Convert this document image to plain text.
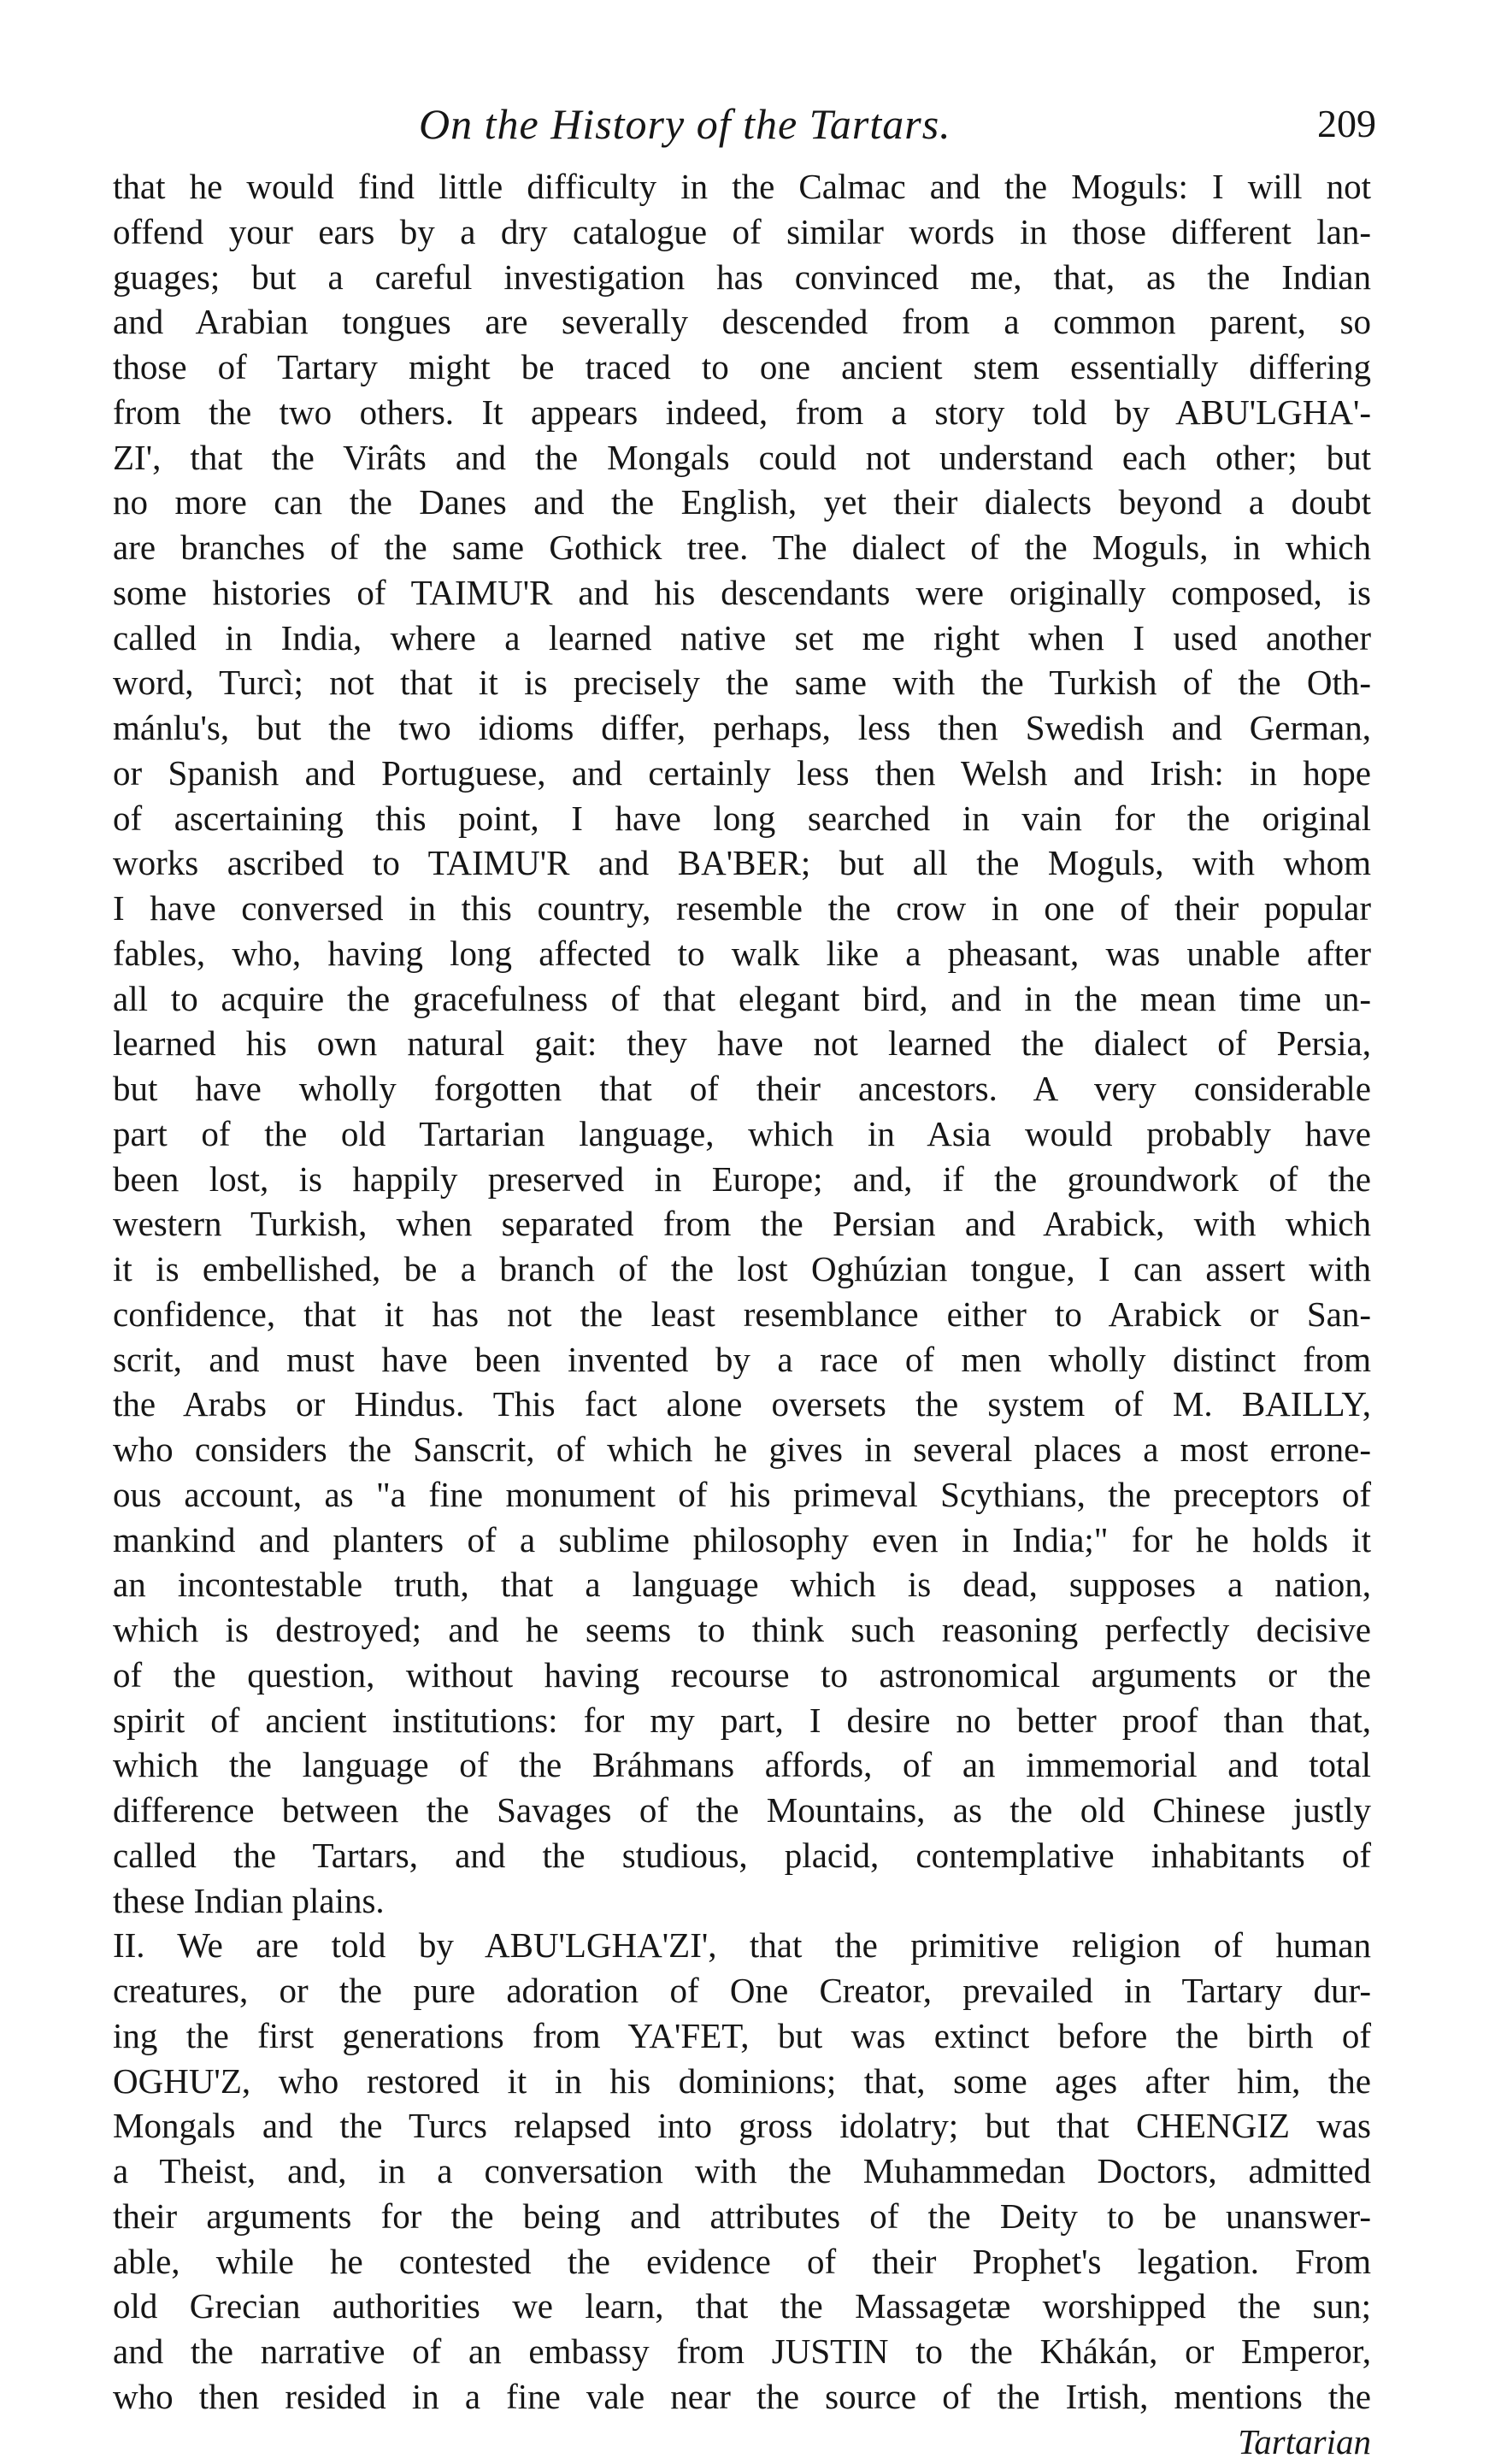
On the History of the Tartars.	209
that he would find little difficulty in the Calmac and the Moguls: I will not
offend your ears by a dry catalogue of similar words in those different lan-
guages; but a careful investigation has convinced me, that, as the Indian
and Arabian tongues are severally descended from a common parent, so
those of Tartary might be traced to one ancient stem essentially differing
from the two others. It appears indeed, from a story told by ABU'LGHA'-
ZI', that the Virâts and the Mongals could not understand each other; but
no more can the Danes and the English, yet their dialects beyond a doubt
are branches of the same Gothick tree. The dialect of the Moguls, in which
some histories of TAIMU'R and his descendants were originally composed, is
called in India, where a learned native set me right when I used another
word, Turcì; not that it is precisely the same with the Turkish of the Oth-
mánlu's, but the two idioms differ, perhaps, less then Swedish and German,
or Spanish and Portuguese, and certainly less then Welsh and Irish: in hope
of ascertaining this point, I have long searched in vain for the original
works ascribed to TAIMU'R and BA'BER; but all the Moguls, with whom
I have conversed in this country, resemble the crow in one of their popular
fables, who, having long affected to walk like a pheasant, was unable after
all to acquire the gracefulness of that elegant bird, and in the mean time un-
learned his own natural gait: they have not learned the dialect of Persia,
but have wholly forgotten that of their ancestors. A very considerable
part of the old Tartarian language, which in Asia would probably have
been lost, is happily preserved in Europe; and, if the groundwork of the
western Turkish, when separated from the Persian and Arabick, with which
it is embellished, be a branch of the lost Oghúzian tongue, I can assert with
confidence, that it has not the least resemblance either to Arabick or San-
scrit, and must have been invented by a race of men wholly distinct from
the Arabs or Hindus. This fact alone oversets the system of M. BAILLY,
who considers the Sanscrit, of which he gives in several places a most errone-
ous account, as "a fine monument of his primeval Scythians, the preceptors of
mankind and planters of a sublime philosophy even in India;" for he holds it
an incontestable truth, that a language which is dead, supposes a nation,
which is destroyed; and he seems to think such reasoning perfectly decisive
of the question, without having recourse to astronomical arguments or the
spirit of ancient institutions: for my part, I desire no better proof than that,
which the language of the Bráhmans affords, of an immemorial and total
difference between the Savages of the Mountains, as the old Chinese justly
called the Tartars, and the studious, placid, contemplative inhabitants of
these Indian plains.
II. We are told by ABU'LGHA'ZI', that the primitive religion of human
creatures, or the pure adoration of One Creator, prevailed in Tartary dur-
ing the first generations from YA'FET, but was extinct before the birth of
OGHU'Z, who restored it in his dominions; that, some ages after him, the
Mongals and the Turcs relapsed into gross idolatry; but that CHENGIZ was
a Theist, and, in a conversation with the Muhammedan Doctors, admitted
their arguments for the being and attributes of the Deity to be unanswer-
able, while he contested the evidence of their Prophet's legation. From
old Grecian authorities we learn, that the Massagetæ worshipped the sun;
and the narrative of an embassy from JUSTIN to the Khákán, or Emperor,
who then resided in a fine vale near the source of the Irtish, mentions the
Tartarian
